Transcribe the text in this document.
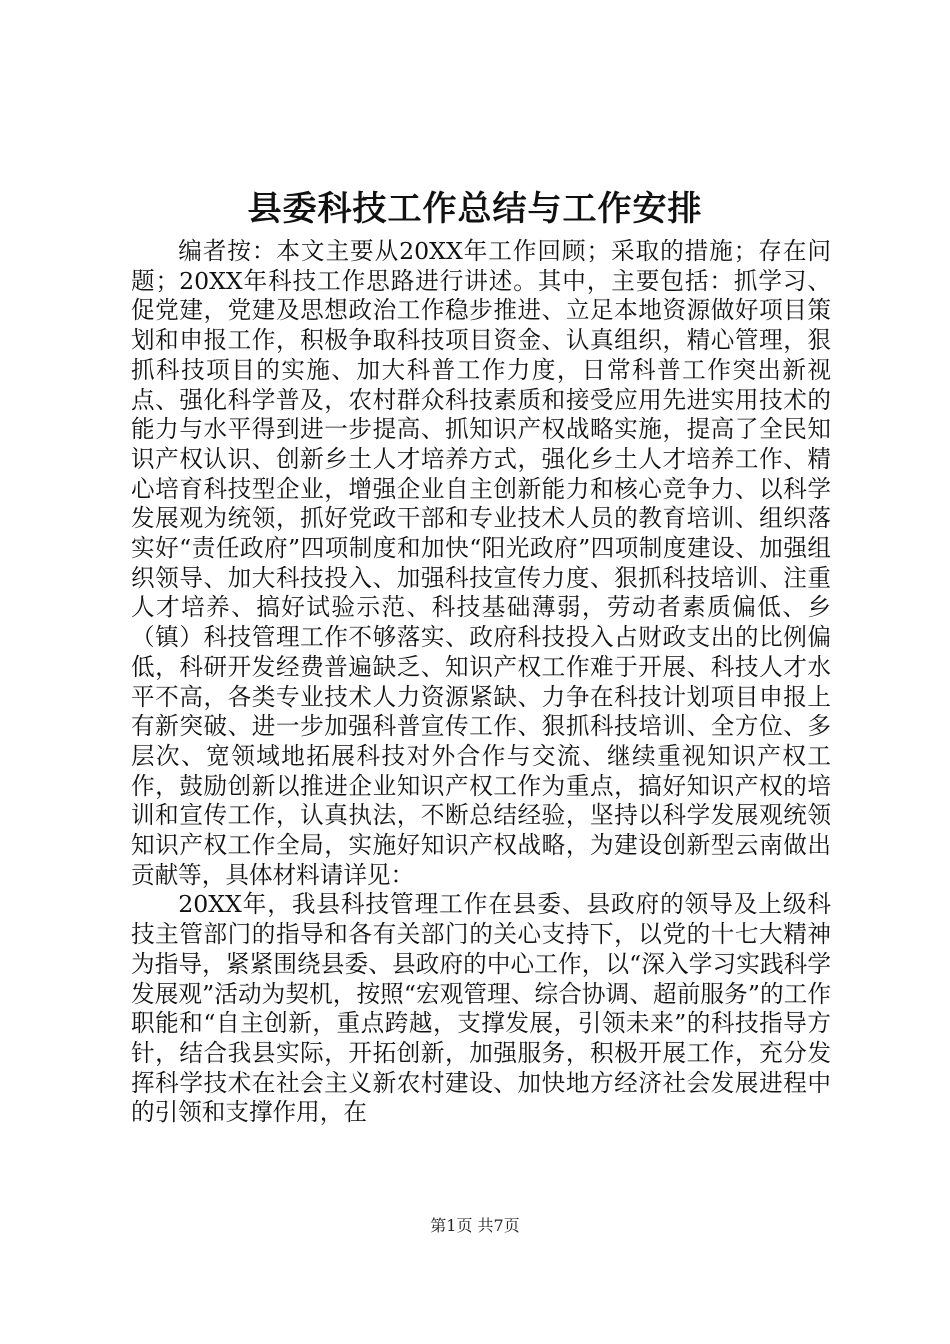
县委科技工作总结与工作安排

编者按：本文主要从20XX年工作回顾；采取的措施；存在问题；20XX年科技工作思路进行讲述。其中，主要包括：抓学习、促党建，党建及思想政治工作稳步推进、立足本地资源做好项目策划和申报工作，积极争取科技项目资金、认真组织，精心管理，狠抓科技项目的实施、加大科普工作力度，日常科普工作突出新视点、强化科学普及，农村群众科技素质和接受应用先进实用技术的能力与水平得到进一步提高、抓知识产权战略实施，提高了全民知识产权认识、创新乡土人才培养方式，强化乡土人才培养工作、精心培育科技型企业，增强企业自主创新能力和核心竞争力、以科学发展观为统领，抓好党政干部和专业技术人员的教育培训、组织落实好“责任政府”四项制度和加快“阳光政府”四项制度建设、加强组织领导、加大科技投入、加强科技宣传力度、狠抓科技培训、注重人才培养、搞好试验示范、科技基础薄弱，劳动者素质偏低、乡（镇）科技管理工作不够落实、政府科技投入占财政支出的比例偏低，科研开发经费普遍缺乏、知识产权工作难于开展、科技人才水平不高，各类专业技术人力资源紧缺、力争在科技计划项目申报上有新突破、进一步加强科普宣传工作、狠抓科技培训、全方位、多层次、宽领域地拓展科技对外合作与交流、继续重视知识产权工作，鼓励创新以推进企业知识产权工作为重点，搞好知识产权的培训和宣传工作，认真执法，不断总结经验，坚持以科学发展观统领知识产权工作全局，实施好知识产权战略，为建设创新型云南做出贡献等，具体材料请详见：

20XX年，我县科技管理工作在县委、县政府的领导及上级科技主管部门的指导和各有关部门的关心支持下，以党的十七大精神为指导，紧紧围绕县委、县政府的中心工作，以“深入学习实践科学发展观”活动为契机，按照“宏观管理、综合协调、超前服务”的工作职能和“自主创新，重点跨越，支撑发展，引领未来”的科技指导方针，结合我县实际，开拓创新，加强服务，积极开展工作，充分发挥科学技术在社会主义新农村建设、加快地方经济社会发展进程中的引领和支撑作用，在

第1页 共7页
